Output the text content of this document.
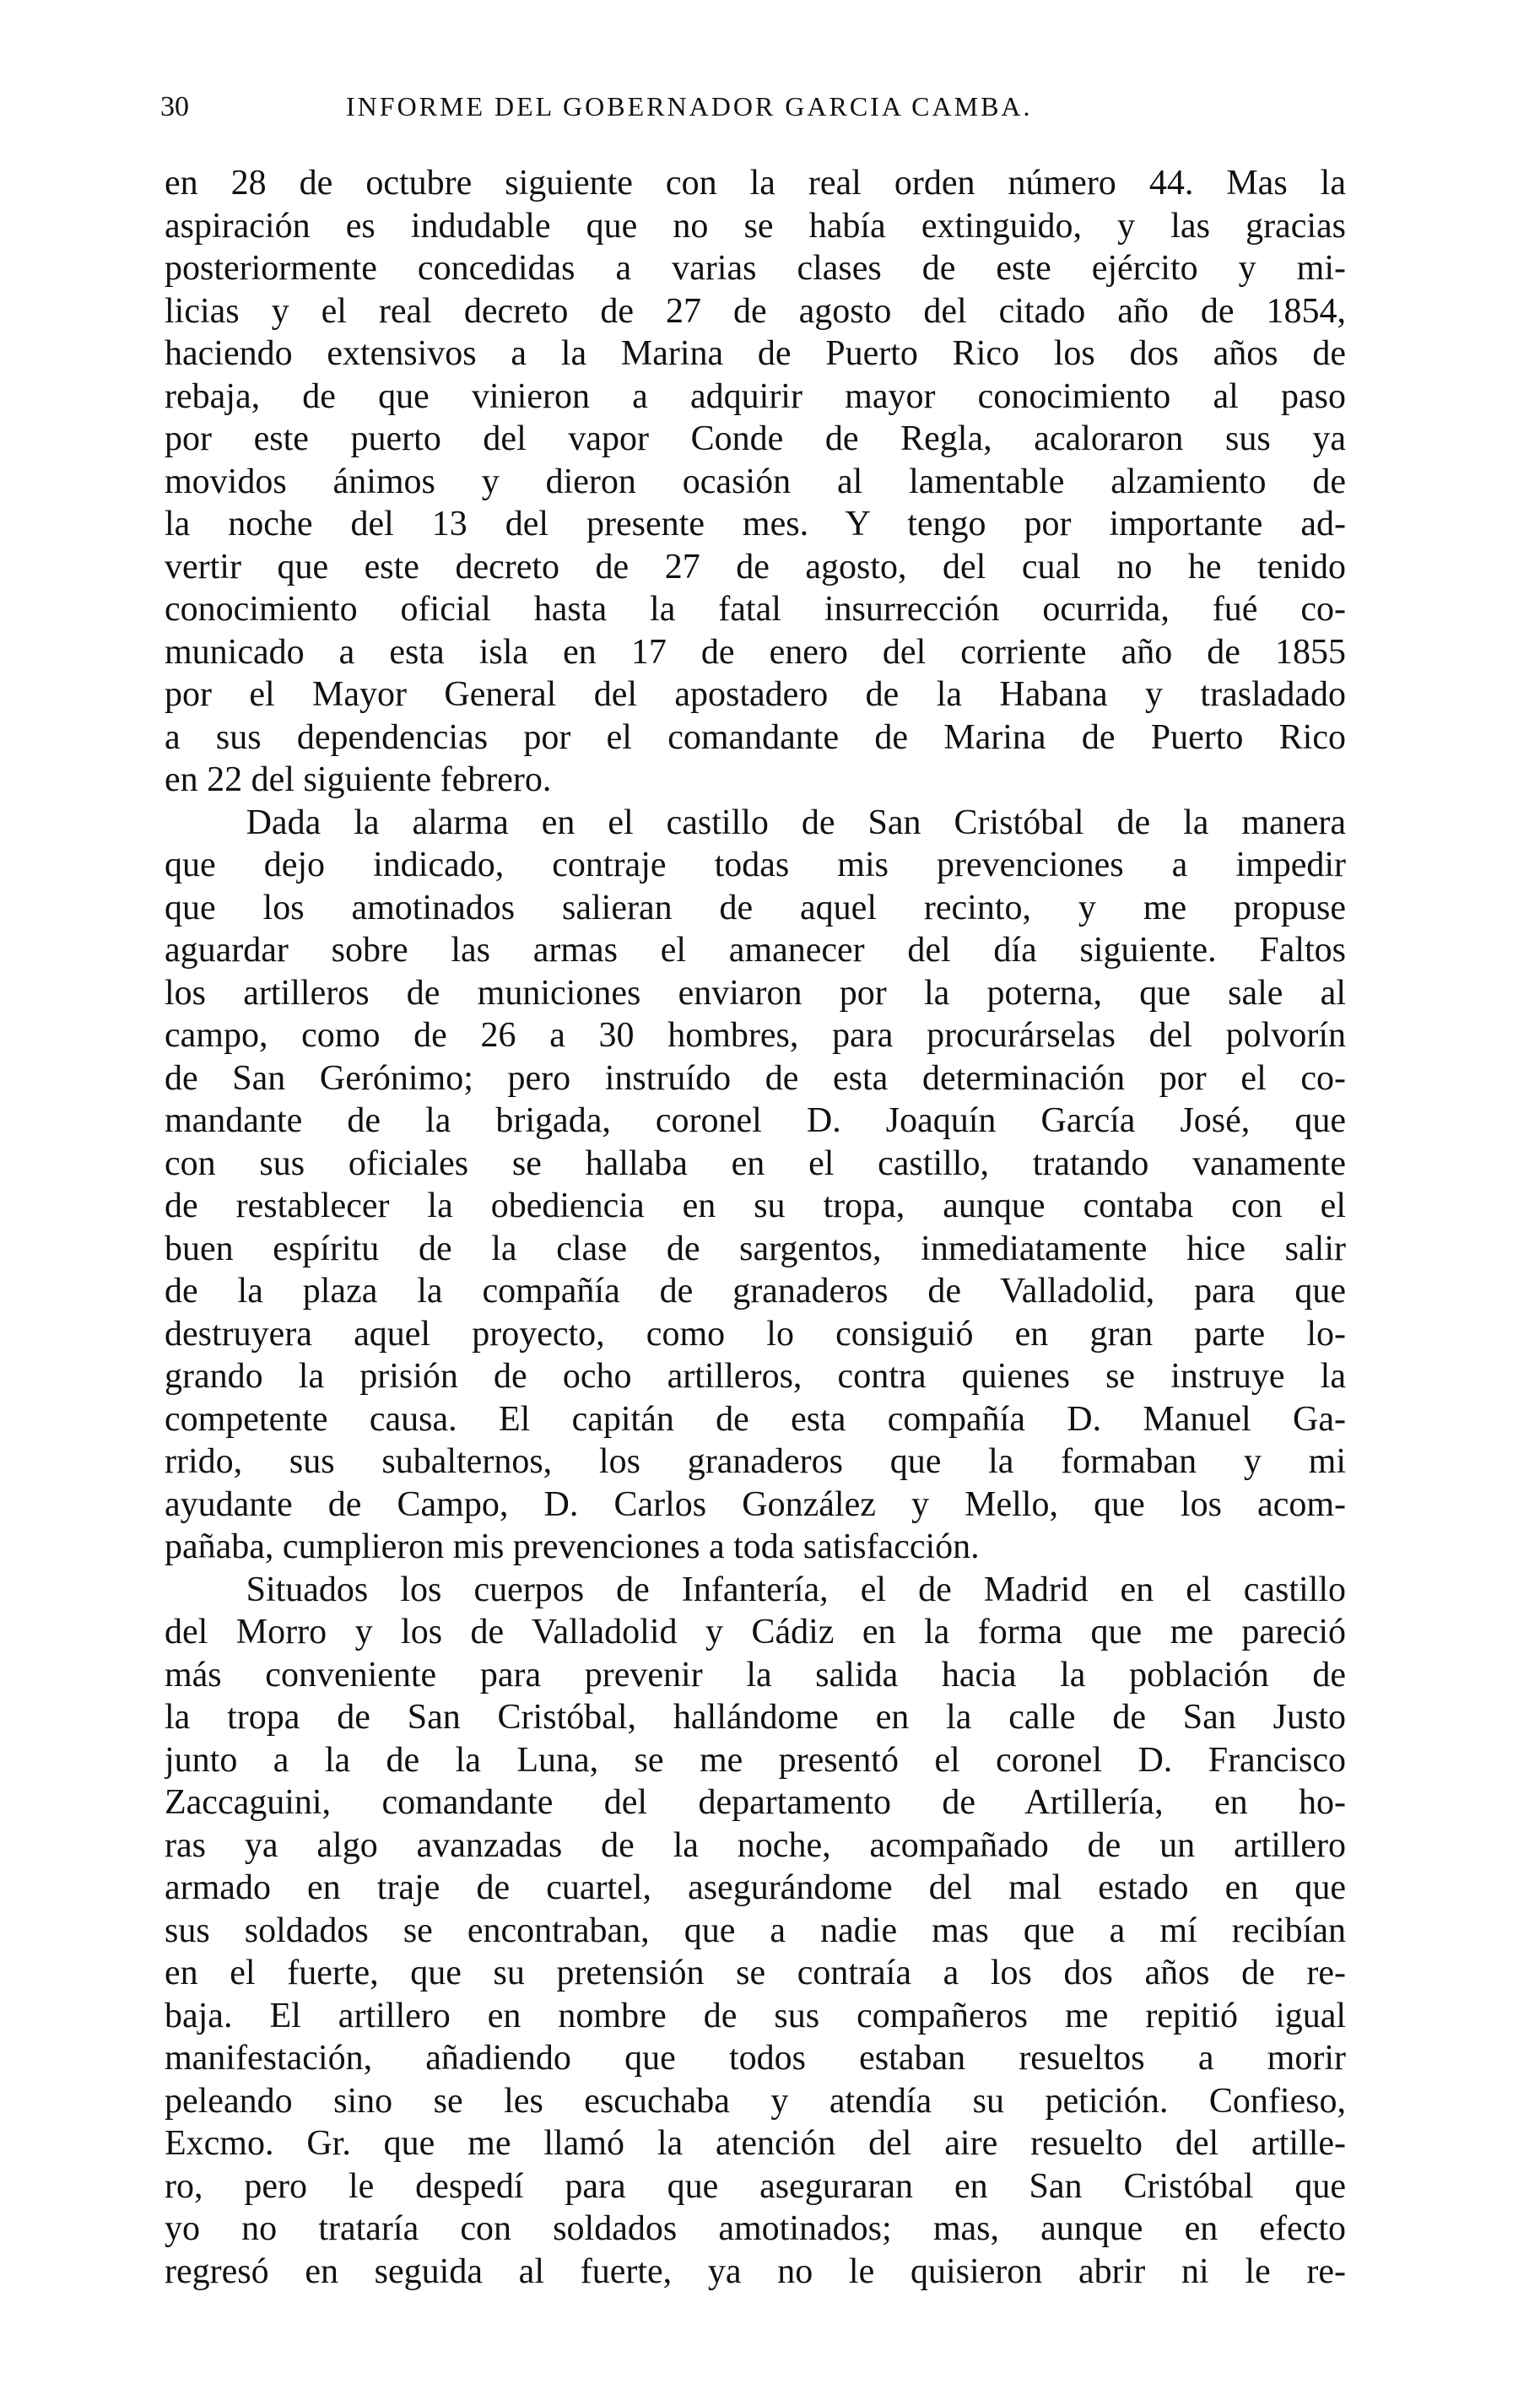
30	INFORME DEL GOBERNADOR GARCIA CAMBA.
en 28 de octubre siguiente con la real orden número 44. Mas la
aspiración es indudable que no se había extinguido, y las gracias
posteriormente concedidas a varias clases de este ejército y mi-
licias y el real decreto de 27 de agosto del citado año de 1854,
haciendo extensivos a la Marina de Puerto Rico los dos años de
rebaja, de que vinieron a adquirir mayor conocimiento al paso
por este puerto del vapor Conde de Regla, acaloraron sus ya
movidos ánimos y dieron ocasión al lamentable alzamiento de
la noche del 13 del presente mes. Y tengo por importante ad-
vertir que este decreto de 27 de agosto, del cual no he tenido
conocimiento oficial hasta la fatal insurrección ocurrida, fué co-
municado a esta isla en 17 de enero del corriente año de 1855
por el Mayor General del apostadero de la Habana y trasladado
a sus dependencias por el comandante de Marina de Puerto Rico
en 22 del siguiente febrero.
Dada la alarma en el castillo de San Cristóbal de la manera
que dejo indicado, contraje todas mis prevenciones a impedir
que los amotinados salieran de aquel recinto, y me propuse
aguardar sobre las armas el amanecer del día siguiente. Faltos
los artilleros de municiones enviaron por la poterna, que sale al
campo, como de 26 a 30 hombres, para procurárselas del polvorín
de San Gerónimo; pero instruído de esta determinación por el co-
mandante de la brigada, coronel D. Joaquín García José, que
con sus oficiales se hallaba en el castillo, tratando vanamente
de restablecer la obediencia en su tropa, aunque contaba con el
buen espíritu de la clase de sargentos, inmediatamente hice salir
de la plaza la compañía de granaderos de Valladolid, para que
destruyera aquel proyecto, como lo consiguió en gran parte lo-
grando la prisión de ocho artilleros, contra quienes se instruye la
competente causa. El capitán de esta compañía D. Manuel Ga-
rrido, sus subalternos, los granaderos que la formaban y mi
ayudante de Campo, D. Carlos González y Mello, que los acom-
pañaba, cumplieron mis prevenciones a toda satisfacción.
Situados los cuerpos de Infantería, el de Madrid en el castillo
del Morro y los de Valladolid y Cádiz en la forma que me pareció
más conveniente para prevenir la salida hacia la población de
la tropa de San Cristóbal, hallándome en la calle de San Justo
junto a la de la Luna, se me presentó el coronel D. Francisco
Zaccaguini, comandante del departamento de Artillería, en ho-
ras ya algo avanzadas de la noche, acompañado de un artillero
armado en traje de cuartel, asegurándome del mal estado en que
sus soldados se encontraban, que a nadie mas que a mí recibían
en el fuerte, que su pretensión se contraía a los dos años de re-
baja. El artillero en nombre de sus compañeros me repitió igual
manifestación, añadiendo que todos estaban resueltos a morir
peleando sino se les escuchaba y atendía su petición. Confieso,
Excmo. Gr. que me llamó la atención del aire resuelto del artille-
ro, pero le despedí para que aseguraran en San Cristóbal que
yo no trataría con soldados amotinados; mas, aunque en efecto
regresó en seguida al fuerte, ya no le quisieron abrir ni le re-
